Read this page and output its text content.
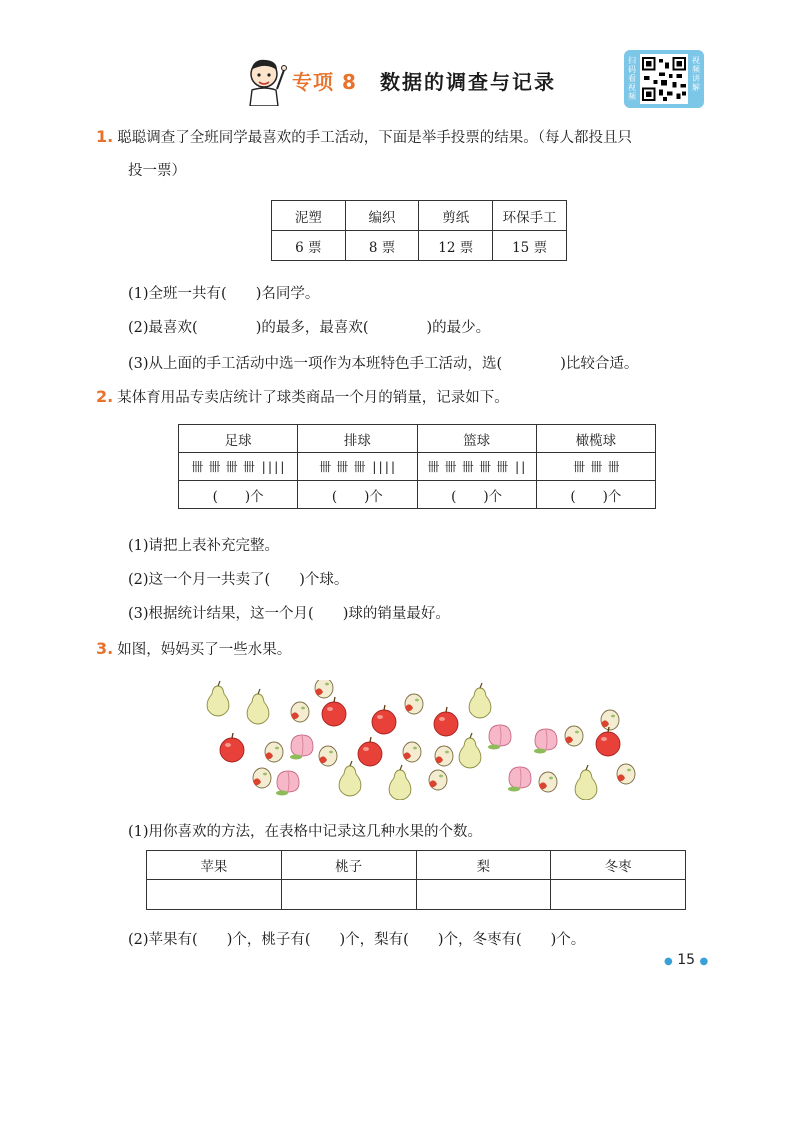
专项 8 数据的调查与记录
扫码看视频
视频讲解
1. 聪聪调查了全班同学最喜欢的手工活动，下面是举手投票的结果。（每人都投且只
投一票）
泥塑	编织	剪纸	环保手工
6 票	8 票	12 票	15 票
(1)全班一共有(　　)名同学。
(2)最喜欢(　　　　)的最多，最喜欢(　　　　)的最少。
(3)从上面的手工活动中选一项作为本班特色手工活动，选(　　　　)比较合适。
2. 某体育用品专卖店统计了球类商品一个月的销量，记录如下。
足球	排球	篮球	橄榄球
卌 卌 卌 卌 ||||	卌 卌 卌 ||||	卌 卌 卌 卌 卌 ||	卌 卌 卌
(　　)个	(　　)个	(　　)个	(　　)个
(1)请把上表补充完整。
(2)这一个月一共卖了(　　)个球。
(3)根据统计结果，这一个月(　　)球的销量最好。
3. 如图，妈妈买了一些水果。
(1)用你喜欢的方法，在表格中记录这几种水果的个数。
苹果	桃子	梨	冬枣

(2)苹果有(　　)个，桃子有(　　)个，梨有(　　)个，冬枣有(　　)个。
● 15 ●
